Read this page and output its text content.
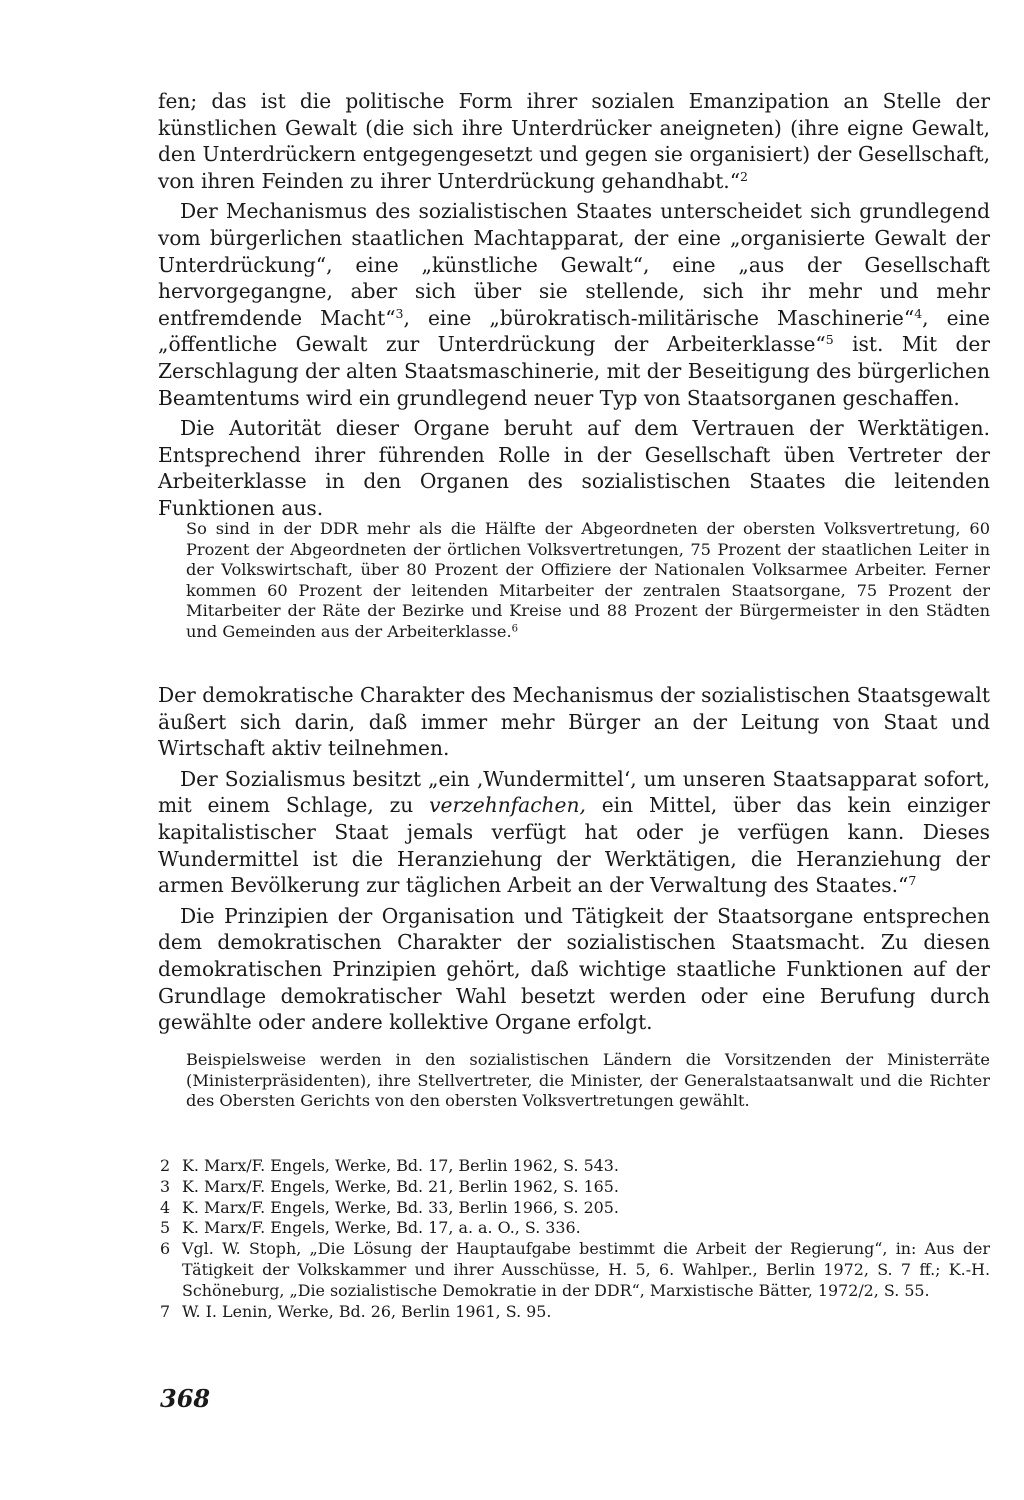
fen; das ist die politische Form ihrer sozialen Emanzipation an Stelle der künstlichen Gewalt (die sich ihre Unterdrücker aneigneten) (ihre eigne Gewalt, den Unterdrückern entgegengesetzt und gegen sie organisiert) der Gesellschaft, von ihren Feinden zu ihrer Unterdrückung gehandhabt.“$^2$

Der Mechanismus des sozialistischen Staates unterscheidet sich grundlegend vom bürgerlichen staatlichen Machtapparat, der eine „organisierte Gewalt der Unterdrückung“, eine „künstliche Gewalt“, eine „aus der Gesellschaft hervorgegangne, aber sich über sie stellende, sich ihr mehr und mehr entfremdende Macht“$^3$, eine „bürokratisch-militärische Maschinerie“$^4$, eine „öffentliche Gewalt zur Unterdrückung der Arbeiterklasse“$^5$ ist. Mit der Zerschlagung der alten Staatsmaschinerie, mit der Beseitigung des bürgerlichen Beamtentums wird ein grundlegend neuer Typ von Staatsorganen geschaffen.

Die Autorität dieser Organe beruht auf dem Vertrauen der Werktätigen. Entsprechend ihrer führenden Rolle in der Gesellschaft üben Vertreter der Arbeiterklasse in den Organen des sozialistischen Staates die leitenden Funktionen aus.

So sind in der DDR mehr als die Hälfte der Abgeordneten der obersten Volksvertretung, 60 Prozent der Abgeordneten der örtlichen Volksvertretungen, 75 Prozent der staatlichen Leiter in der Volkswirtschaft, über 80 Prozent der Offiziere der Nationalen Volksarmee Arbeiter. Ferner kommen 60 Prozent der leitenden Mitarbeiter der zentralen Staatsorgane, 75 Prozent der Mitarbeiter der Räte der Bezirke und Kreise und 88 Prozent der Bürgermeister in den Städten und Gemeinden aus der Arbeiterklasse.$^6$

Der demokratische Charakter des Mechanismus der sozialistischen Staatsgewalt äußert sich darin, daß immer mehr Bürger an der Leitung von Staat und Wirtschaft aktiv teilnehmen.

Der Sozialismus besitzt „ein ‚Wundermittel‘, um unseren Staatsapparat sofort, mit einem Schlage, zu verzehnfachen, ein Mittel, über das kein einziger kapitalistischer Staat jemals verfügt hat oder je verfügen kann. Dieses Wundermittel ist die Heranziehung der Werktätigen, die Heranziehung der armen Bevölkerung zur täglichen Arbeit an der Verwaltung des Staates.“$^7$

Die Prinzipien der Organisation und Tätigkeit der Staatsorgane entsprechen dem demokratischen Charakter der sozialistischen Staatsmacht. Zu diesen demokratischen Prinzipien gehört, daß wichtige staatliche Funktionen auf der Grundlage demokratischer Wahl besetzt werden oder eine Berufung durch gewählte oder andere kollektive Organe erfolgt.

Beispielsweise werden in den sozialistischen Ländern die Vorsitzenden der Ministerräte (Ministerpräsidenten), ihre Stellvertreter, die Minister, der Generalstaatsanwalt und die Richter des Obersten Gerichts von den obersten Volksvertretungen gewählt.

2 K. Marx/F. Engels, Werke, Bd. 17, Berlin 1962, S. 543.
3 K. Marx/F. Engels, Werke, Bd. 21, Berlin 1962, S. 165.
4 K. Marx/F. Engels, Werke, Bd. 33, Berlin 1966, S. 205.
5 K. Marx/F. Engels, Werke, Bd. 17, a. a. O., S. 336.
6 Vgl. W. Stoph, „Die Lösung der Hauptaufgabe bestimmt die Arbeit der Regierung“, in: Aus der Tätigkeit der Volkskammer und ihrer Ausschüsse, H. 5, 6. Wahlper., Berlin 1972, S. 7 ff.; K.-H. Schöneburg, „Die sozialistische Demokratie in der DDR“, Marxistische Bätter, 1972/2, S. 55.
7 W. I. Lenin, Werke, Bd. 26, Berlin 1961, S. 95.
368
